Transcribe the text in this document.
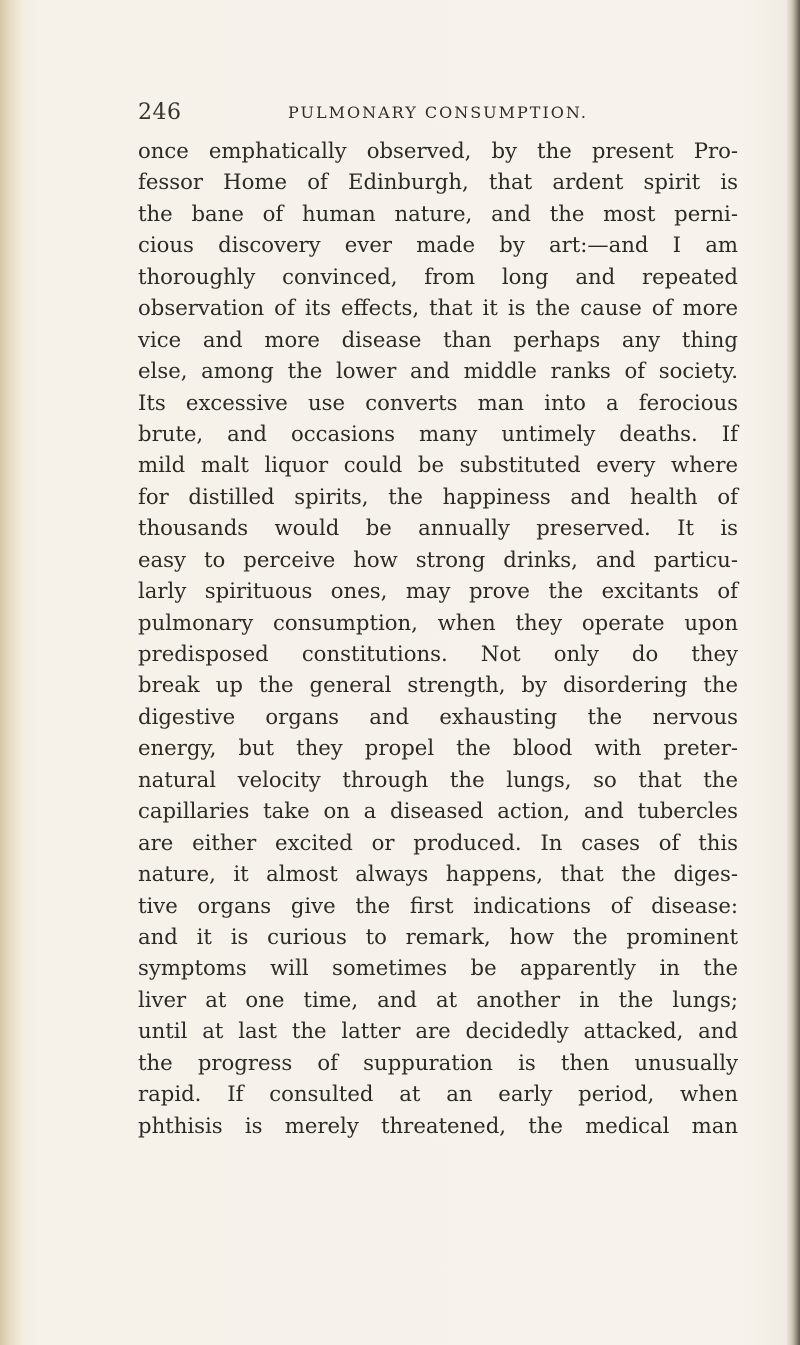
246	PULMONARY CONSUMPTION.
once emphatically observed, by the present Pro-
fessor Home of Edinburgh, that ardent spirit is
the bane of human nature, and the most perni-
cious discovery ever made by art:—and I am
thoroughly convinced, from long and repeated
observation of its effects, that it is the cause of more
vice and more disease than perhaps any thing
else, among the lower and middle ranks of society.
Its excessive use converts man into a ferocious
brute, and occasions many untimely deaths. If
mild malt liquor could be substituted every where
for distilled spirits, the happiness and health of
thousands would be annually preserved. It is
easy to perceive how strong drinks, and particu-
larly spirituous ones, may prove the excitants of
pulmonary consumption, when they operate upon
predisposed constitutions. Not only do they
break up the general strength, by disordering the
digestive organs and exhausting the nervous
energy, but they propel the blood with preter-
natural velocity through the lungs, so that the
capillaries take on a diseased action, and tubercles
are either excited or produced. In cases of this
nature, it almost always happens, that the diges-
tive organs give the first indications of disease:
and it is curious to remark, how the prominent
symptoms will sometimes be apparently in the
liver at one time, and at another in the lungs;
until at last the latter are decidedly attacked, and
the progress of suppuration is then unusually
rapid. If consulted at an early period, when
phthisis is merely threatened, the medical man
